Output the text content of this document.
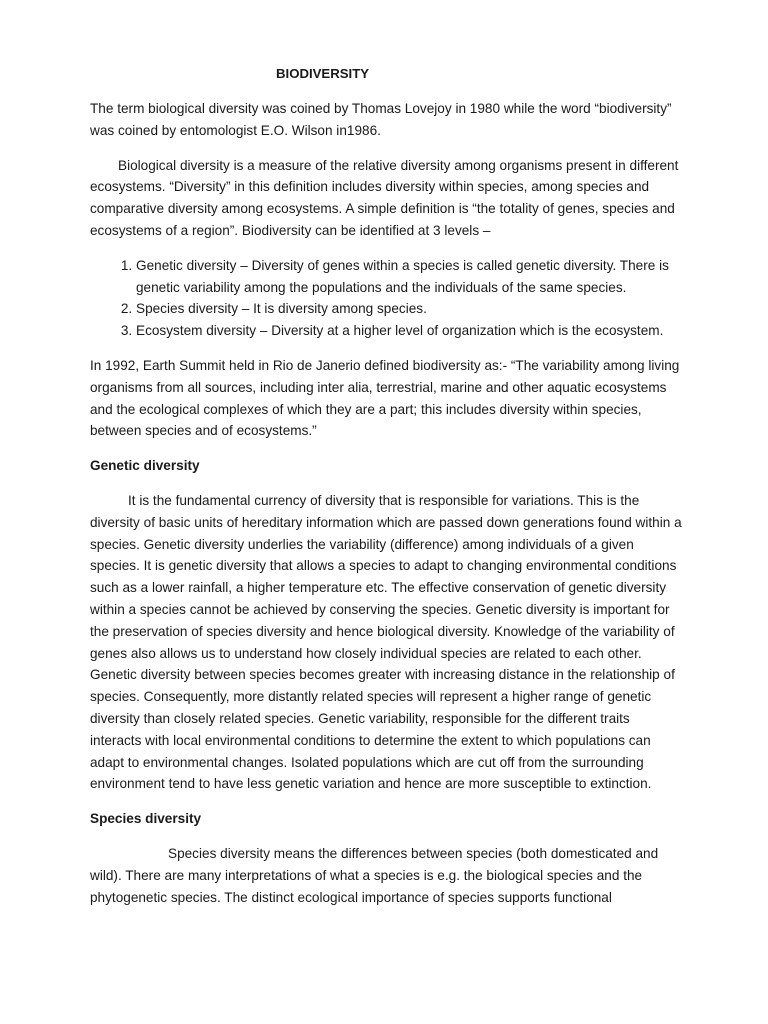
BIODIVERSITY

The term biological diversity was coined by Thomas Lovejoy in 1980 while the word “biodiversity” was coined by entomologist E.O. Wilson in1986.

Biological diversity is a measure of the relative diversity among organisms present in different ecosystems. “Diversity” in this definition includes diversity within species, among species and comparative diversity among ecosystems. A simple definition is “the totality of genes, species and ecosystems of a region”. Biodiversity can be identified at 3 levels –

1. Genetic diversity – Diversity of genes within a species is called genetic diversity. There is genetic variability among the populations and the individuals of the same species.
2. Species diversity – It is diversity among species.
3. Ecosystem diversity – Diversity at a higher level of organization which is the ecosystem.

In 1992, Earth Summit held in Rio de Janerio defined biodiversity as:- “The variability among living organisms from all sources, including inter alia, terrestrial, marine and other aquatic ecosystems and the ecological complexes of which they are a part; this includes diversity within species, between species and of ecosystems.”

Genetic diversity

It is the fundamental currency of diversity that is responsible for variations. This is the diversity of basic units of hereditary information which are passed down generations found within a species. Genetic diversity underlies the variability (difference) among individuals of a given species. It is genetic diversity that allows a species to adapt to changing environmental conditions such as a lower rainfall, a higher temperature etc. The effective conservation of genetic diversity within a species cannot be achieved by conserving the species. Genetic diversity is important for the preservation of species diversity and hence biological diversity. Knowledge of the variability of genes also allows us to understand how closely individual species are related to each other. Genetic diversity between species becomes greater with increasing distance in the relationship of species. Consequently, more distantly related species will represent a higher range of genetic diversity than closely related species. Genetic variability, responsible for the different traits interacts with local environmental conditions to determine the extent to which populations can adapt to environmental changes. Isolated populations which are cut off from the surrounding environment tend to have less genetic variation and hence are more susceptible to extinction.

Species diversity

Species diversity means the differences between species (both domesticated and wild). There are many interpretations of what a species is e.g. the biological species and the phytogenetic species. The distinct ecological importance of species supports functional
